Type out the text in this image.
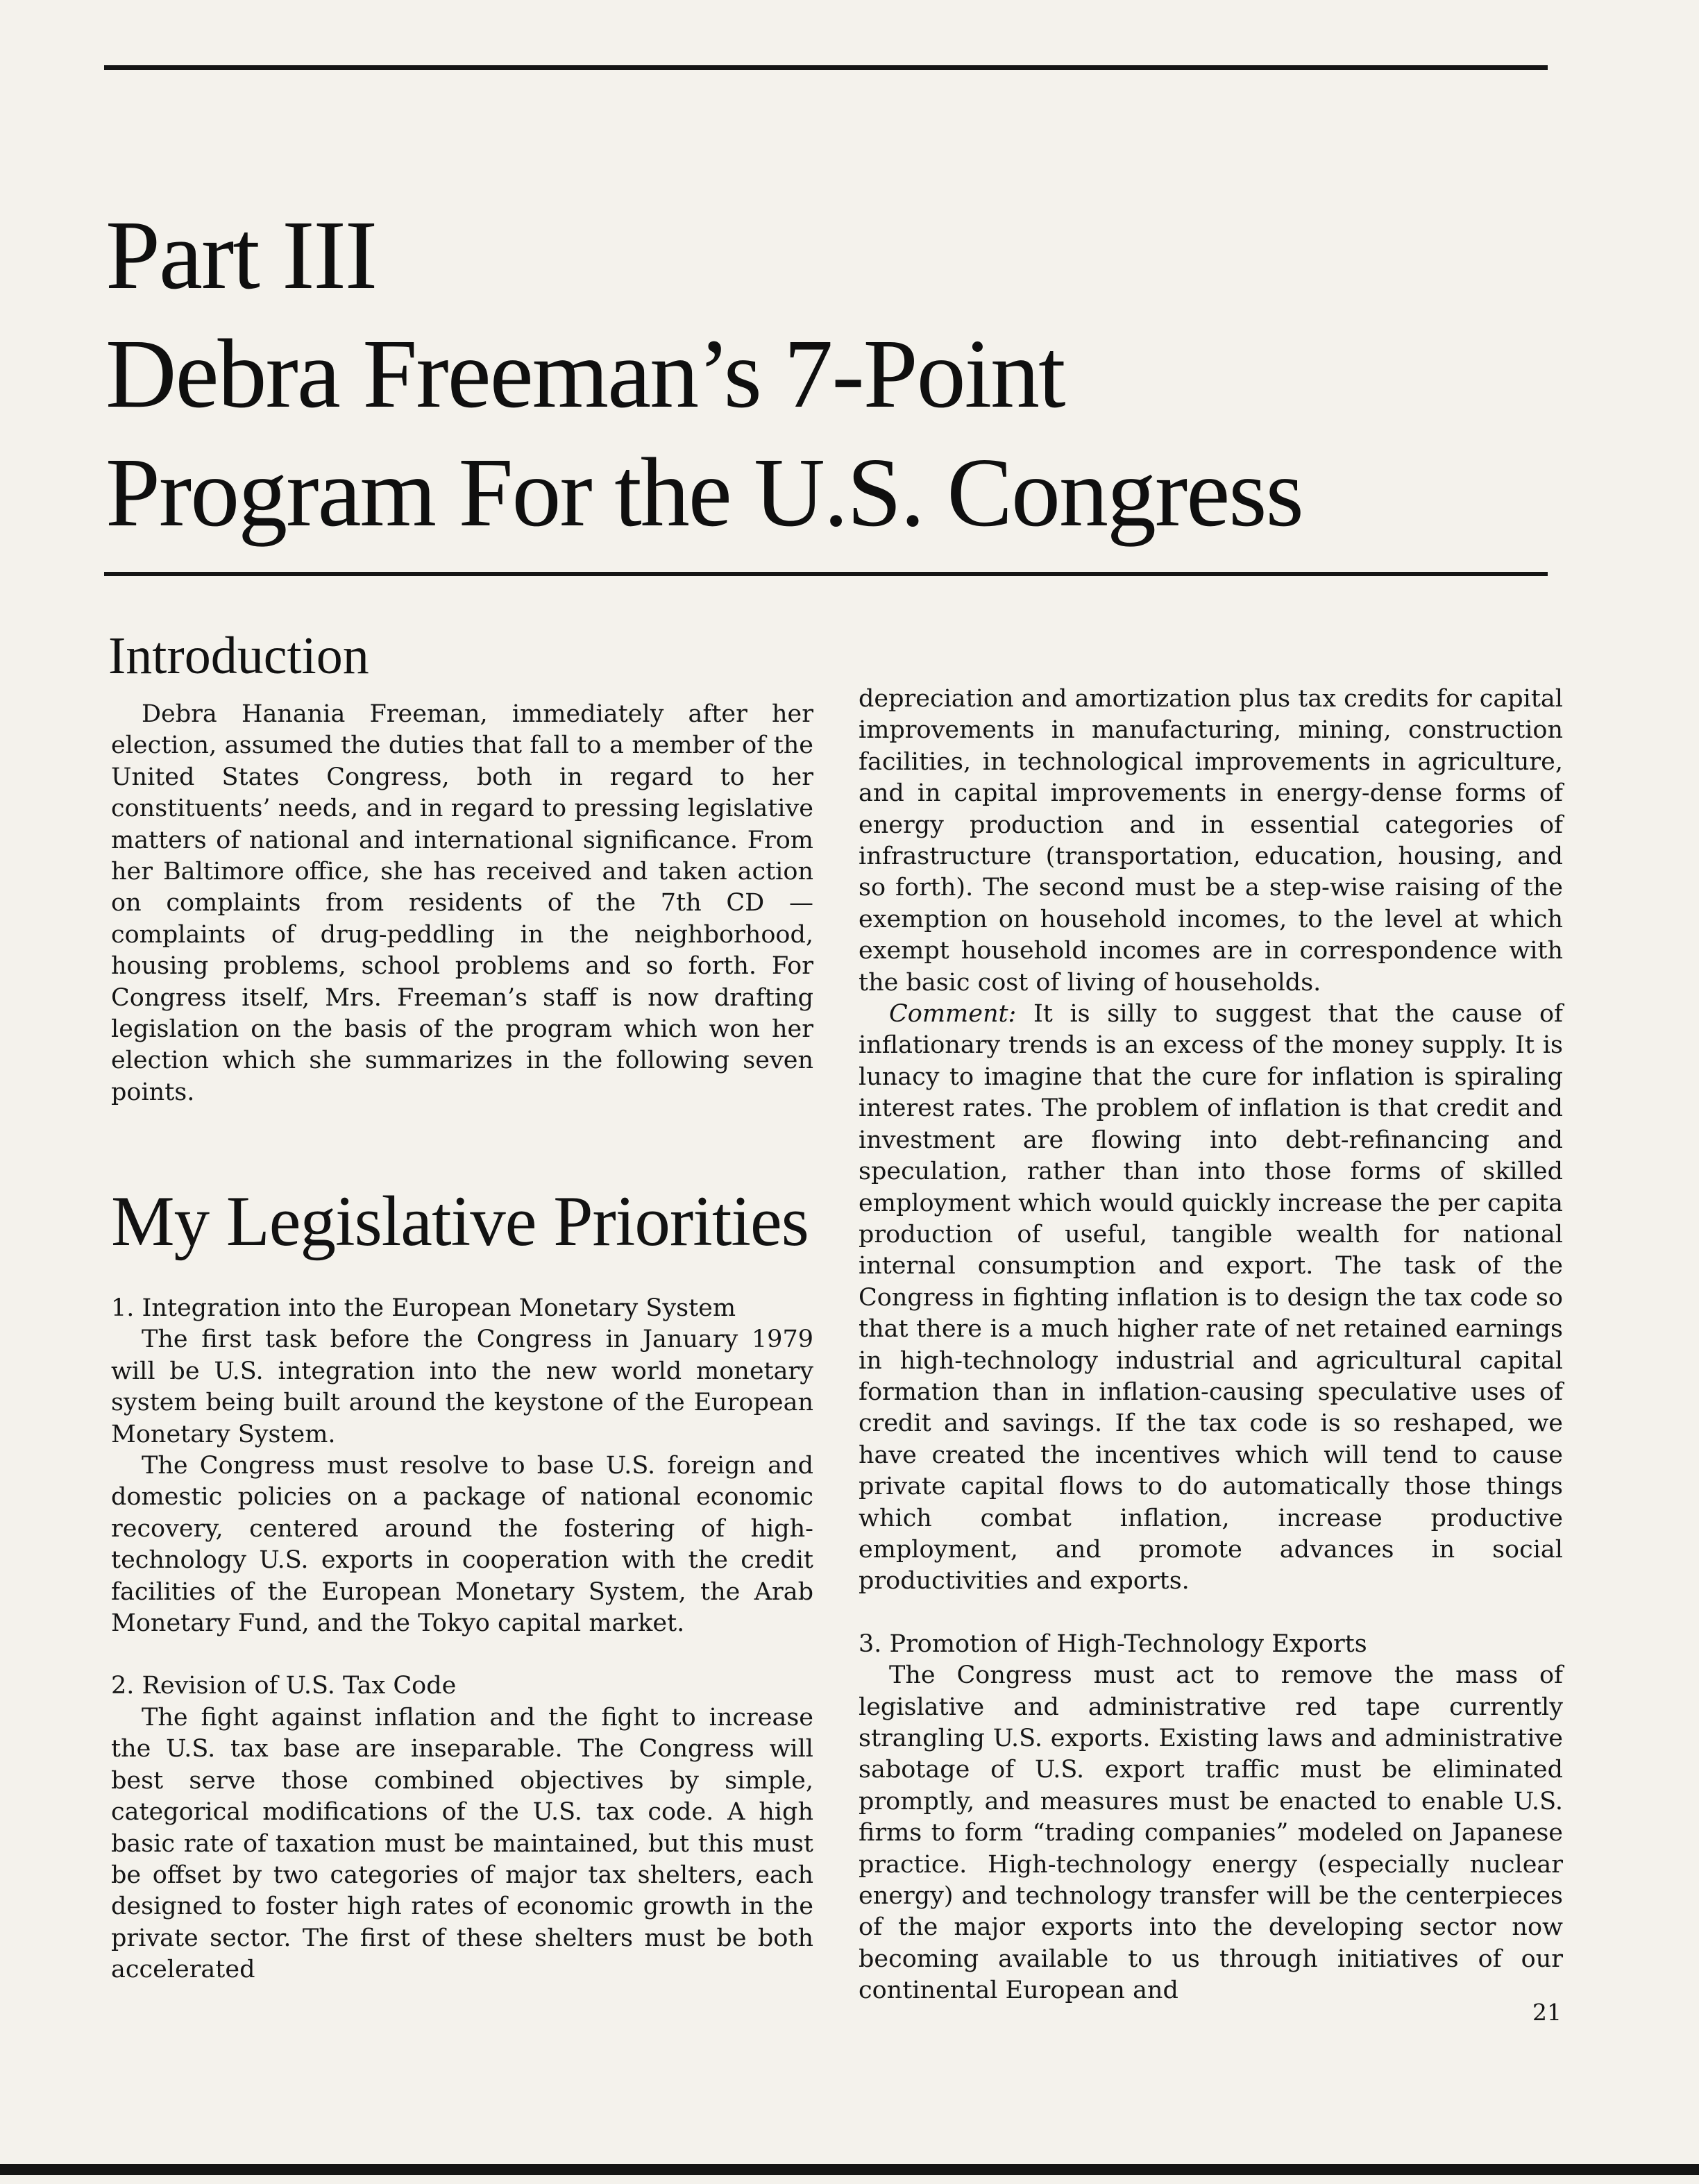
Part III
Debra Freeman’s 7-Point
Program For the U.S. Congress
Introduction

Debra Hanania Freeman, immediately after her election, assumed the duties that fall to a member of the United States Congress, both in regard to her constituents’ needs, and in regard to pressing legislative matters of national and international significance. From her Baltimore office, she has received and taken action on complaints from residents of the 7th CD — complaints of drug-peddling in the neighborhood, housing problems, school problems and so forth. For Congress itself, Mrs. Freeman’s staff is now drafting legislation on the basis of the program which won her election which she summarizes in the following seven points.

My Legislative Priorities
1. Integration into the European Monetary System

The first task before the Congress in January 1979 will be U.S. integration into the new world monetary system being built around the keystone of the European Monetary System.

The Congress must resolve to base U.S. foreign and domestic policies on a package of national economic recovery, centered around the fostering of high-technology U.S. exports in cooperation with the credit facilities of the European Monetary System, the Arab Monetary Fund, and the Tokyo capital market.

2. Revision of U.S. Tax Code

The fight against inflation and the fight to increase the U.S. tax base are inseparable. The Congress will best serve those combined objectives by simple, categorical modifications of the U.S. tax code. A high basic rate of taxation must be maintained, but this must be offset by two categories of major tax shelters, each designed to foster high rates of economic growth in the private sector. The first of these shelters must be both accelerated

depreciation and amortization plus tax credits for capital improvements in manufacturing, mining, construction facilities, in technological improvements in agriculture, and in capital improvements in energy-dense forms of energy production and in essential categories of infrastructure (transportation, education, housing, and so forth). The second must be a step-wise raising of the exemption on household incomes, to the level at which exempt household incomes are in correspondence with the basic cost of living of households.

Comment: It is silly to suggest that the cause of inflationary trends is an excess of the money supply. It is lunacy to imagine that the cure for inflation is spiraling interest rates. The problem of inflation is that credit and investment are flowing into debt-refinancing and speculation, rather than into those forms of skilled employment which would quickly increase the per capita production of useful, tangible wealth for national internal consumption and export. The task of the Congress in fighting inflation is to design the tax code so that there is a much higher rate of net retained earnings in high-technology industrial and agricultural capital formation than in inflation-causing speculative uses of credit and savings. If the tax code is so reshaped, we have created the incentives which will tend to cause private capital flows to do automatically those things which combat inflation, increase productive employment, and promote advances in social productivities and exports.

3. Promotion of High-Technology Exports

The Congress must act to remove the mass of legislative and administrative red tape currently strangling U.S. exports. Existing laws and administrative sabotage of U.S. export traffic must be eliminated promptly, and measures must be enacted to enable U.S. firms to form “trading companies” modeled on Japanese practice. High-technology energy (especially nuclear energy) and technology transfer will be the centerpieces of the major exports into the developing sector now becoming available to us through initiatives of our continental European and

21
